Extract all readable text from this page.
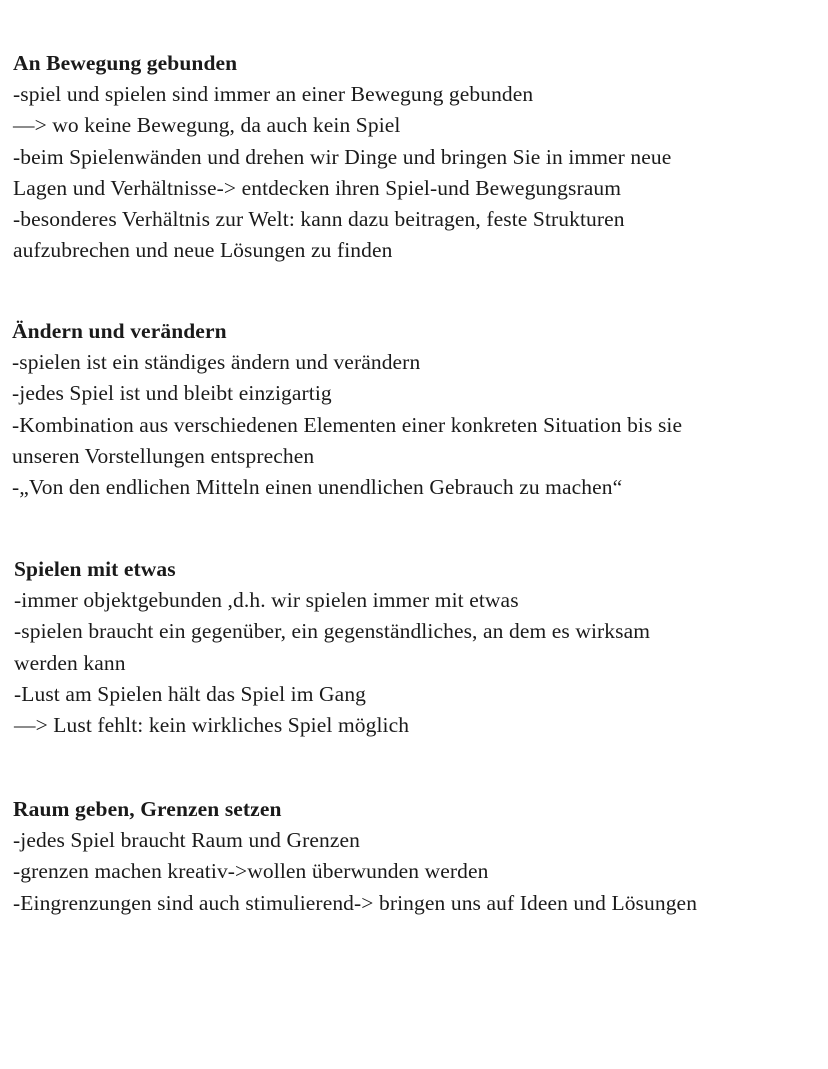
An Bewegung gebunden
-spiel und spielen sind immer an einer Bewegung gebunden
—> wo keine Bewegung, da auch kein Spiel
-beim Spielenwänden und drehen wir Dinge und bringen Sie in immer neue
Lagen und Verhältnisse-> entdecken ihren Spiel-und Bewegungsraum
-besonderes Verhältnis zur Welt: kann dazu beitragen, feste Strukturen
aufzubrechen und neue Lösungen zu finden
Ändern und verändern
-spielen ist ein ständiges ändern und verändern
-jedes Spiel ist und bleibt einzigartig
-Kombination aus verschiedenen Elementen einer konkreten Situation bis sie
unseren Vorstellungen entsprechen
-„Von den endlichen Mitteln einen unendlichen Gebrauch zu machen“
Spielen mit etwas
-immer objektgebunden ,d.h. wir spielen immer mit etwas
-spielen braucht ein gegenüber, ein gegenständliches, an dem es wirksam
werden kann
-Lust am Spielen hält das Spiel im Gang
—> Lust fehlt: kein wirkliches Spiel möglich
Raum geben, Grenzen setzen
-jedes Spiel braucht Raum und Grenzen
-grenzen machen kreativ->wollen überwunden werden
-Eingrenzungen sind auch stimulierend-> bringen uns auf Ideen und Lösungen
